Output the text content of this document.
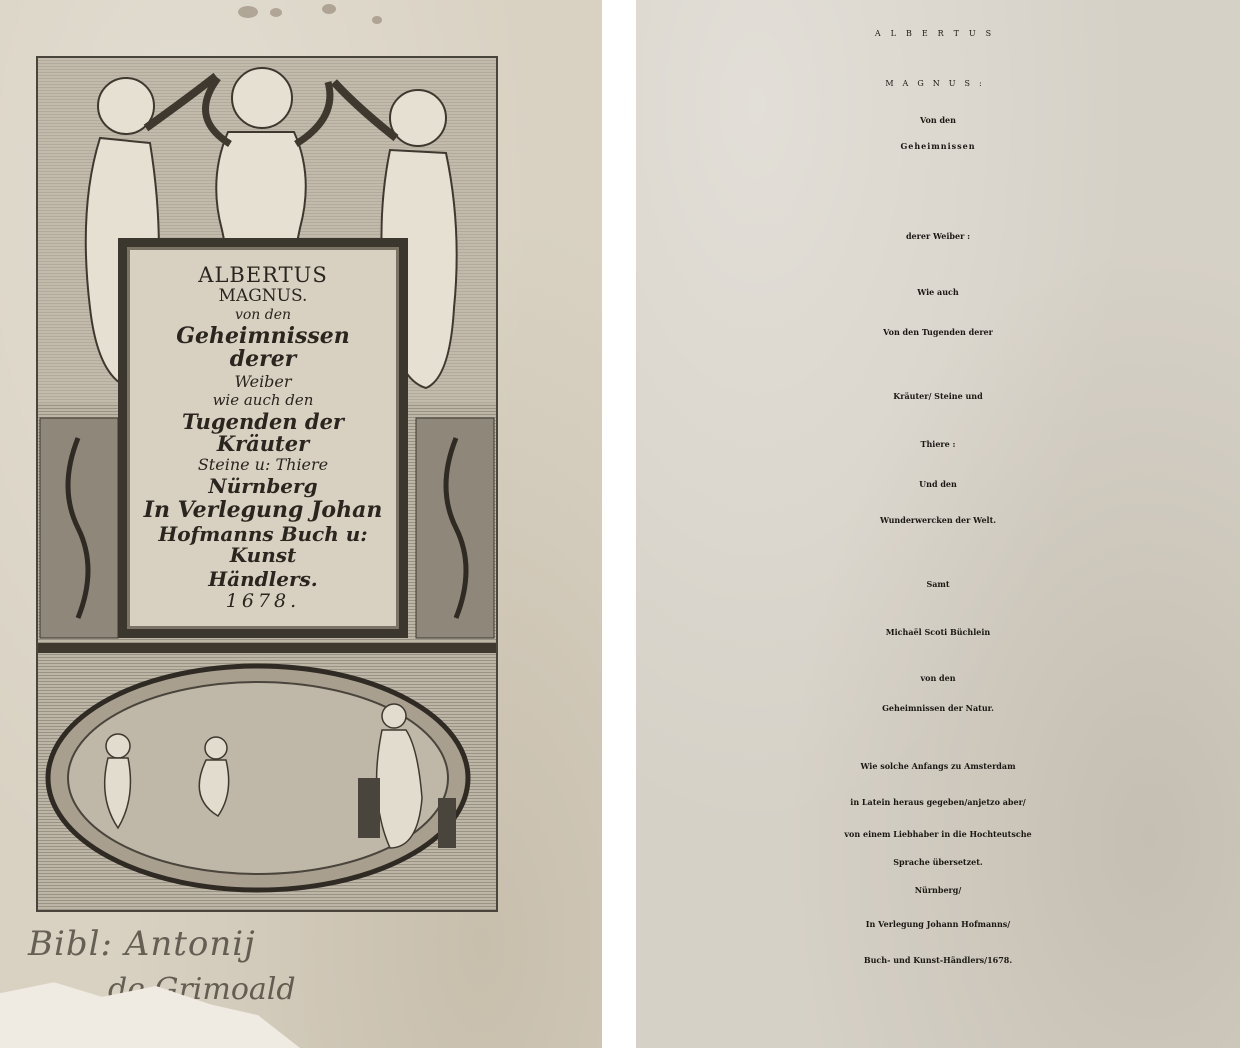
ALBERTUS
MAGNUS.
von den
Geheimnissen derer
Weiber
wie auch den
Tugenden der Kräuter
Steine u: Thiere
Nürnberg
In Verlegung Johan
Hofmanns Buch u: Kunst
Händlers.
1678.
Bibl: Antonij
de Grimoald
ALBERTUS
MAGNUS:
Von den
Geheimnissen
derer Weiber :
Wie auch
Von den Tugenden derer
Kräuter/ Steine und
Thiere :
Und den
Wunderwercken der Welt.
Samt
Michaël Scoti Büchlein
von den
Geheimnissen der Natur.
Wie solche Anfangs zu Amsterdam
in Latein heraus gegeben/anjetzo aber/
von einem Liebhaber in die Hochteutsche
Sprache übersetzet.
Nürnberg/
In Verlegung Johann Hofmanns/
Buch- und Kunst-Händlers/1678.
